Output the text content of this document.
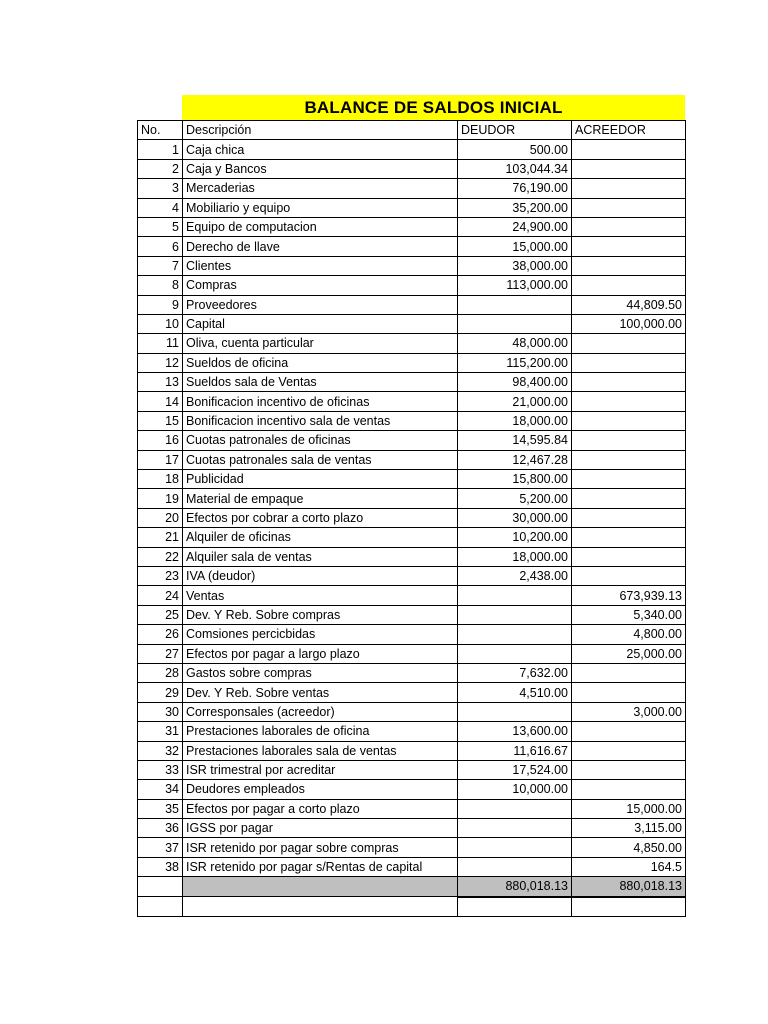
BALANCE DE SALDOS INICIAL
No.	Descripción	DEUDOR	ACREEDOR
1	Caja chica	500.00	
2	Caja y Bancos	103,044.34	
3	Mercaderias	76,190.00	
4	Mobiliario y equipo	35,200.00	
5	Equipo de computacion	24,900.00	
6	Derecho de llave	15,000.00	
7	Clientes	38,000.00	
8	Compras	113,000.00	
9	Proveedores		44,809.50
10	Capital		100,000.00
11	Oliva, cuenta particular	48,000.00	
12	Sueldos de oficina	115,200.00	
13	Sueldos sala de Ventas	98,400.00	
14	Bonificacion incentivo de oficinas	21,000.00	
15	Bonificacion incentivo sala de ventas	18,000.00	
16	Cuotas patronales de oficinas	14,595.84	
17	Cuotas patronales sala de ventas	12,467.28	
18	Publicidad	15,800.00	
19	Material de empaque	5,200.00	
20	Efectos por cobrar a corto plazo	30,000.00	
21	Alquiler de oficinas	10,200.00	
22	Alquiler sala de ventas	18,000.00	
23	IVA (deudor)	2,438.00	
24	Ventas		673,939.13
25	Dev. Y Reb. Sobre compras		5,340.00
26	Comsiones percicbidas		4,800.00
27	Efectos por pagar a largo plazo		25,000.00
28	Gastos sobre compras	7,632.00	
29	Dev. Y Reb. Sobre ventas	4,510.00	
30	Corresponsales (acreedor)		3,000.00
31	Prestaciones laborales de oficina	13,600.00	
32	Prestaciones laborales sala de ventas	11,616.67	
33	ISR trimestral por acreditar	17,524.00	
34	Deudores empleados	10,000.00	
35	Efectos por pagar a corto plazo		15,000.00
36	IGSS por pagar		3,115.00
37	ISR retenido por pagar sobre compras		4,850.00
38	ISR retenido por pagar s/Rentas de capital		164.5
		880,018.13	880,018.13
